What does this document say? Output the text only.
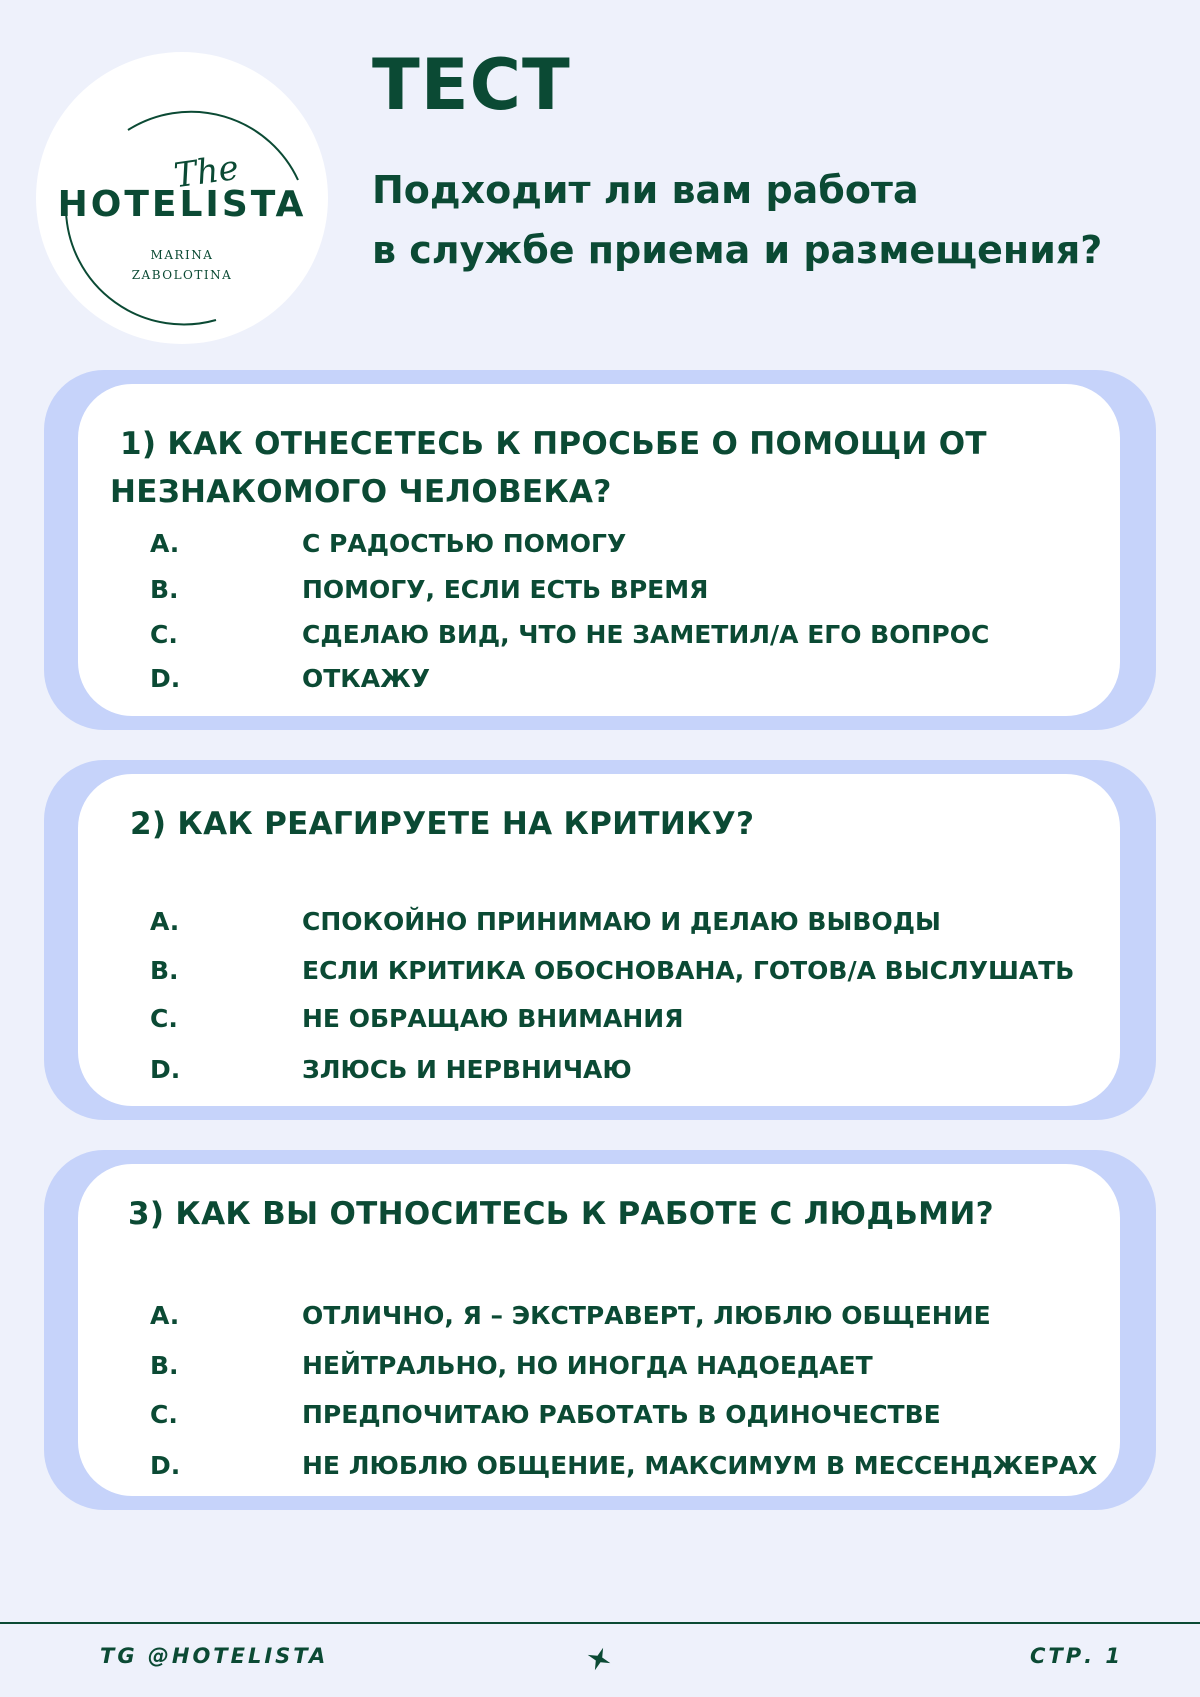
The
HOTELISTA
MARINA
ZABOLOTINA
ТЕСТ
Подходит ли вам работа
в службе приема и размещения?

1) КАК ОТНЕСЕТЕСЬ К ПРОСЬБЕ О ПОМОЩИ ОТ
НЕЗНАКОМОГО ЧЕЛОВЕКА?

A.	С РАДОСТЬЮ ПОМОГУ
B.	ПОМОГУ, ЕСЛИ ЕСТЬ ВРЕМЯ
C.	СДЕЛАЮ ВИД, ЧТО НЕ ЗАМЕТИЛ/А ЕГО ВОПРОС
D.	ОТКАЖУ

2) КАК РЕАГИРУЕТЕ НА КРИТИКУ?

A.	СПОКОЙНО ПРИНИМАЮ И ДЕЛАЮ ВЫВОДЫ
B.	ЕСЛИ КРИТИКА ОБОСНОВАНА, ГОТОВ/А ВЫСЛУШАТЬ
C.	НЕ ОБРАЩАЮ ВНИМАНИЯ
D.	ЗЛЮСЬ И НЕРВНИЧАЮ

3) КАК ВЫ ОТНОСИТЕСЬ К РАБОТЕ С ЛЮДЬМИ?

A.	ОТЛИЧНО, Я – ЭКСТРАВЕРТ, ЛЮБЛЮ ОБЩЕНИЕ
B.	НЕЙТРАЛЬНО, НО ИНОГДА НАДОЕДАЕТ
C.	ПРЕДПОЧИТАЮ РАБОТАТЬ В ОДИНОЧЕСТВЕ
D.	НЕ ЛЮБЛЮ ОБЩЕНИЕ, МАКСИМУМ В МЕССЕНДЖЕРАХ
TG @HOTELISTA	СТР. 1
